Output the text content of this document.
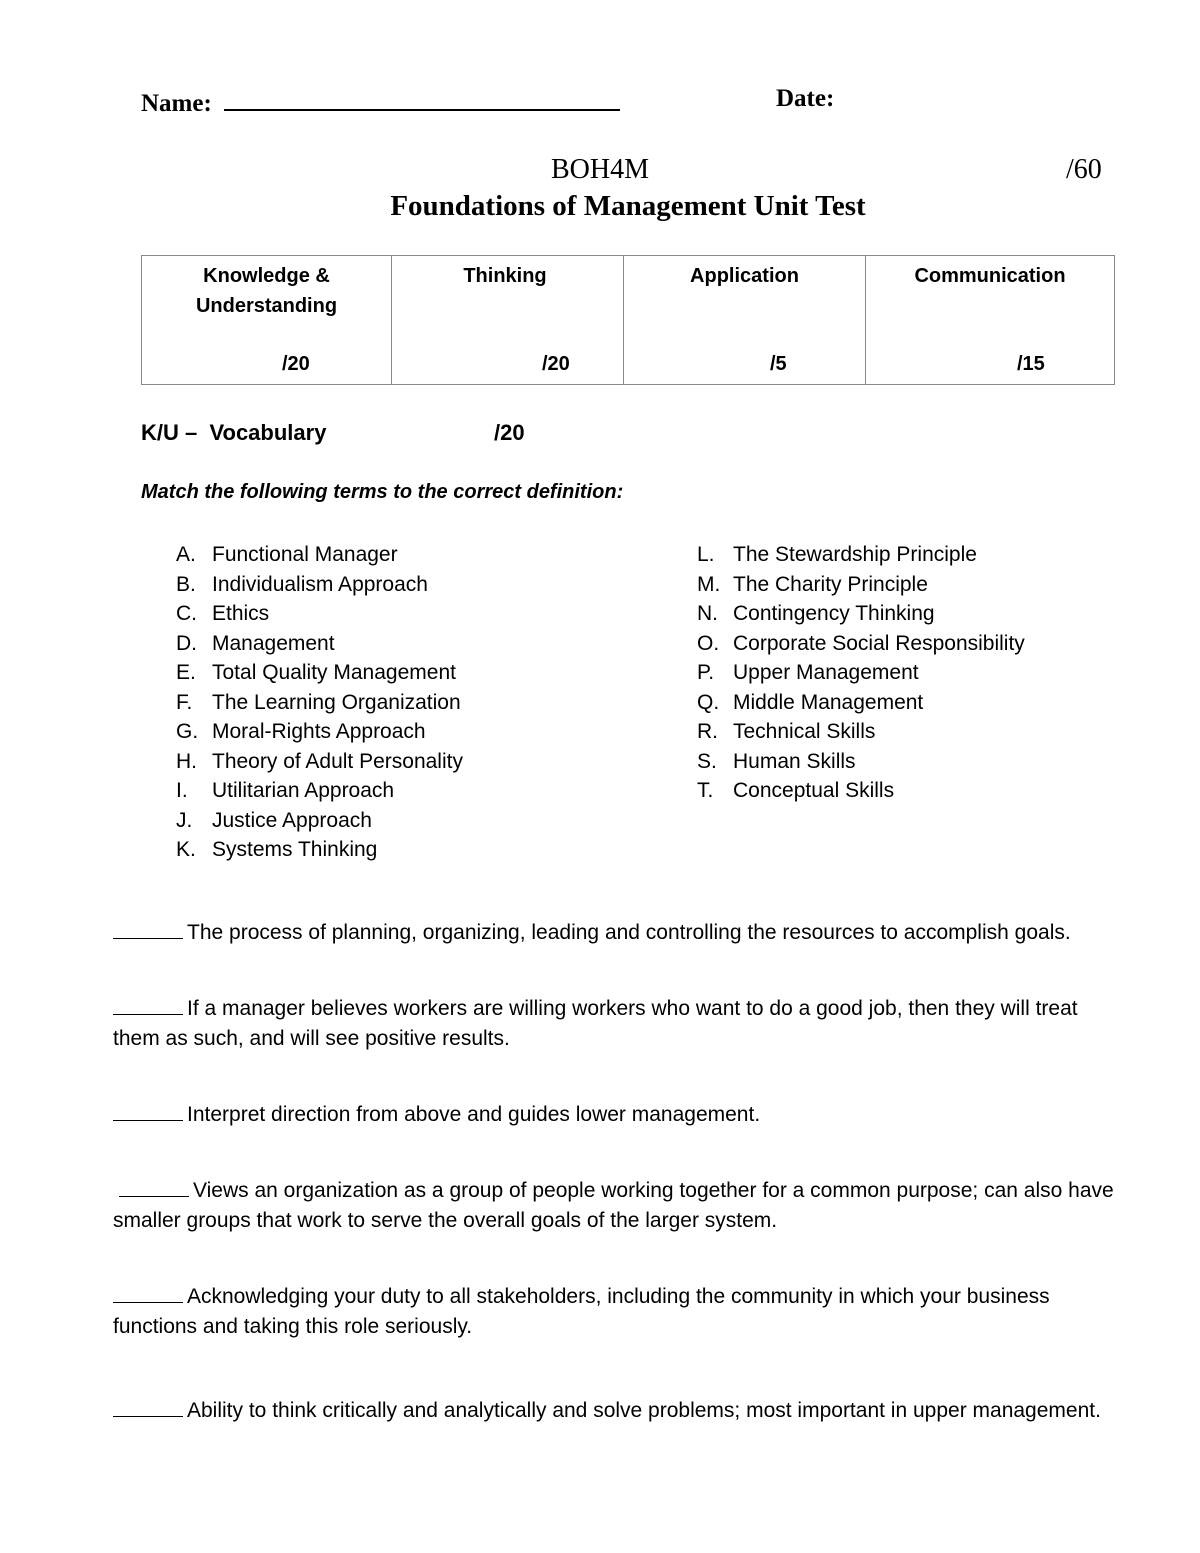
Name:	Date:
BOH4M	/60
Foundations of Management Unit Test
Knowledge & Understanding
/20

Thinking
/20

Application
/5

Communication
/15
K/U –  Vocabulary	/20
Match the following terms to the correct definition:
A. Functional Manager
B. Individualism Approach
C. Ethics
D. Management
E. Total Quality Management
F. The Learning Organization
G. Moral-Rights Approach
H. Theory of Adult Personality
I. Utilitarian Approach
J. Justice Approach
K. Systems Thinking
L. The Stewardship Principle
M. The Charity Principle
N. Contingency Thinking
O. Corporate Social Responsibility
P. Upper Management
Q. Middle Management
R. Technical Skills
S. Human Skills
T. Conceptual Skills
The process of planning, organizing, leading and controlling the resources to accomplish goals.
If a manager believes workers are willing workers who want to do a good job, then they will treat them as such, and will see positive results.
Interpret direction from above and guides lower management.
Views an organization as a group of people working together for a common purpose; can also have smaller groups that work to serve the overall goals of the larger system.
Acknowledging your duty to all stakeholders, including the community in which your business functions and taking this role seriously.
Ability to think critically and analytically and solve problems; most important in upper management.
